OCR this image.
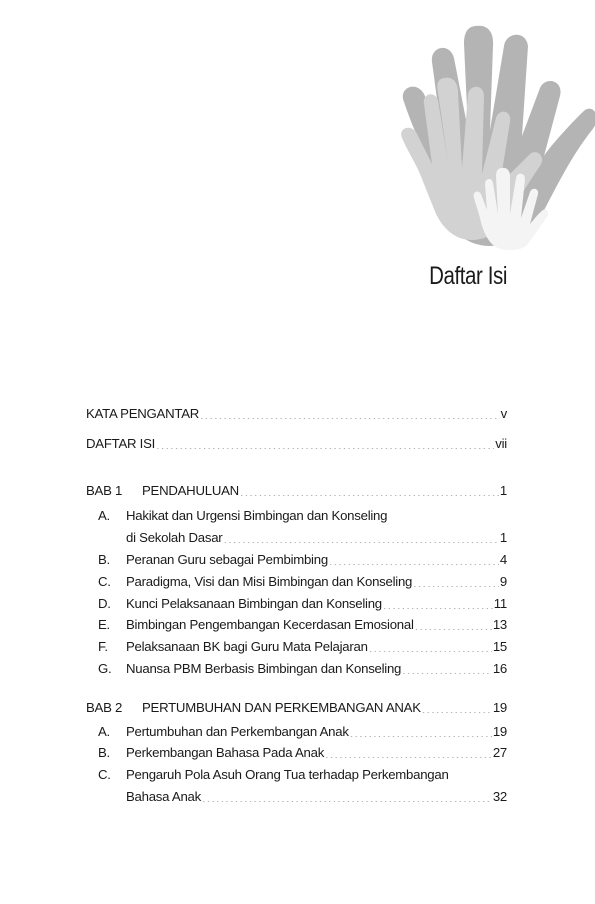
Daftar Isi
KATA PENGANTAR .....	v
DAFTAR ISI .....	vii
BAB 1	PENDAHULUAN .....	1
A.	Hakikat dan Urgensi Bimbingan dan Konseling
di Sekolah Dasar .....	1
B.	Peranan Guru sebagai Pembimbing .....	4
C.	Paradigma, Visi dan Misi Bimbingan dan Konseling .....	9
D.	Kunci Pelaksanaan Bimbingan dan Konseling .....	11
E.	Bimbingan Pengembangan Kecerdasan Emosional .....	13
F.	Pelaksanaan BK bagi Guru Mata Pelajaran .....	15
G.	Nuansa PBM Berbasis Bimbingan dan Konseling .....	16
BAB 2	PERTUMBUHAN DAN PERKEMBANGAN ANAK .....	19
A.	Pertumbuhan dan Perkembangan Anak .....	19
B.	Perkembangan Bahasa Pada Anak .....	27
C.	Pengaruh Pola Asuh Orang Tua terhadap Perkembangan
Bahasa Anak .....	32
